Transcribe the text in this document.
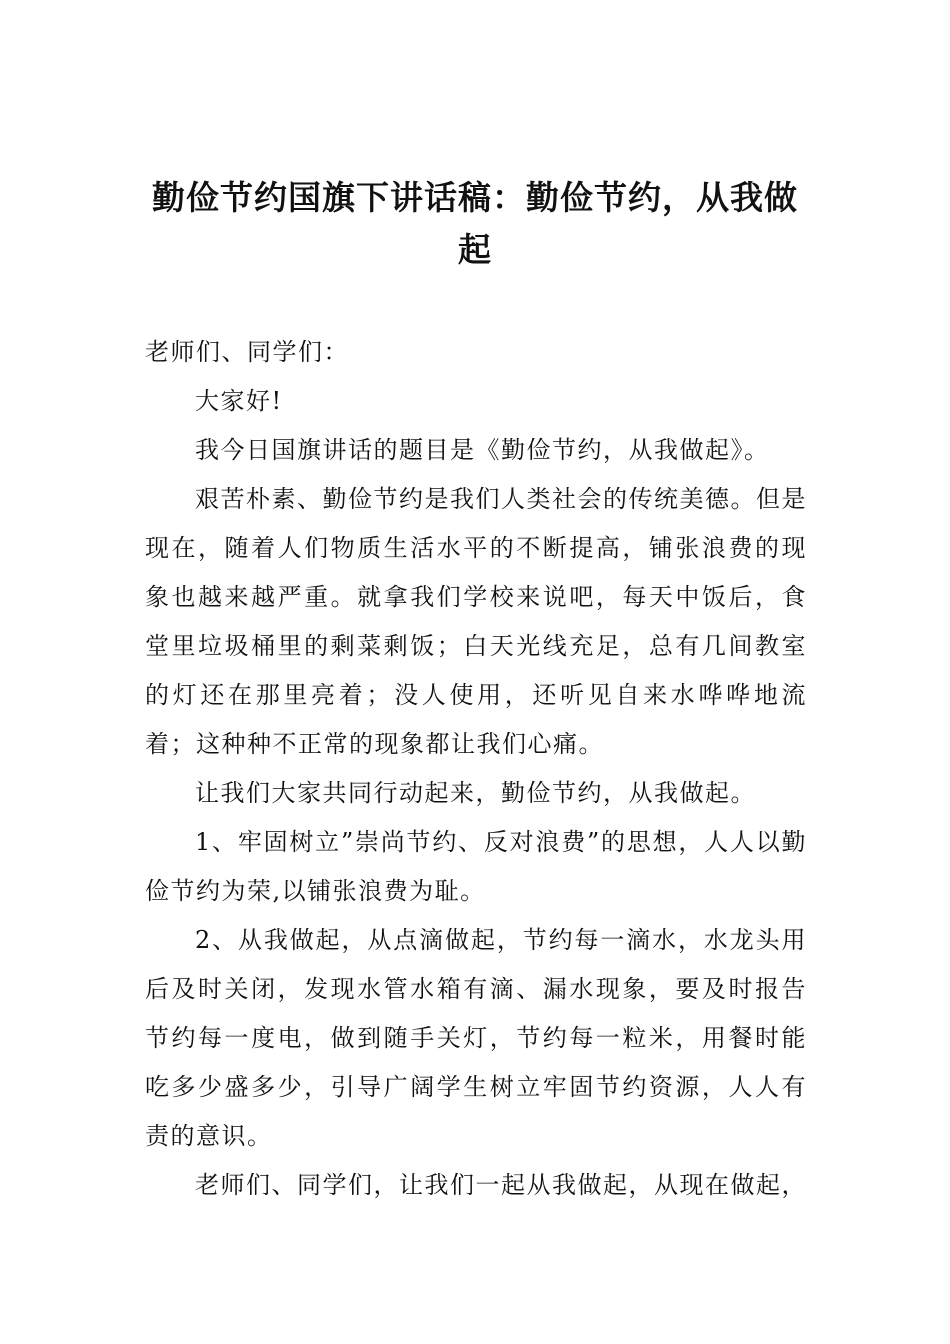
勤俭节约国旗下讲话稿：勤俭节约，从我做起

老师们、同学们：

大家好!

我今日国旗讲话的题目是《勤俭节约，从我做起》。

艰苦朴素、勤俭节约是我们人类社会的传统美德。但是现在，随着人们物质生活水平的不断提高，铺张浪费的现象也越来越严重。就拿我们学校来说吧，每天中饭后，食堂里垃圾桶里的剩菜剩饭；白天光线充足，总有几间教室的灯还在那里亮着；没人使用，还听见自来水哗哗地流着；这种种不正常的现象都让我们心痛。

让我们大家共同行动起来，勤俭节约，从我做起。

1、牢固树立”崇尚节约、反对浪费”的思想，人人以勤俭节约为荣,以铺张浪费为耻。

2、从我做起，从点滴做起，节约每一滴水，水龙头用后及时关闭，发现水管水箱有滴、漏水现象，要及时报告节约每一度电，做到随手关灯，节约每一粒米，用餐时能吃多少盛多少，引导广阔学生树立牢固节约资源，人人有责的意识。

老师们、同学们，让我们一起从我做起，从现在做起，
